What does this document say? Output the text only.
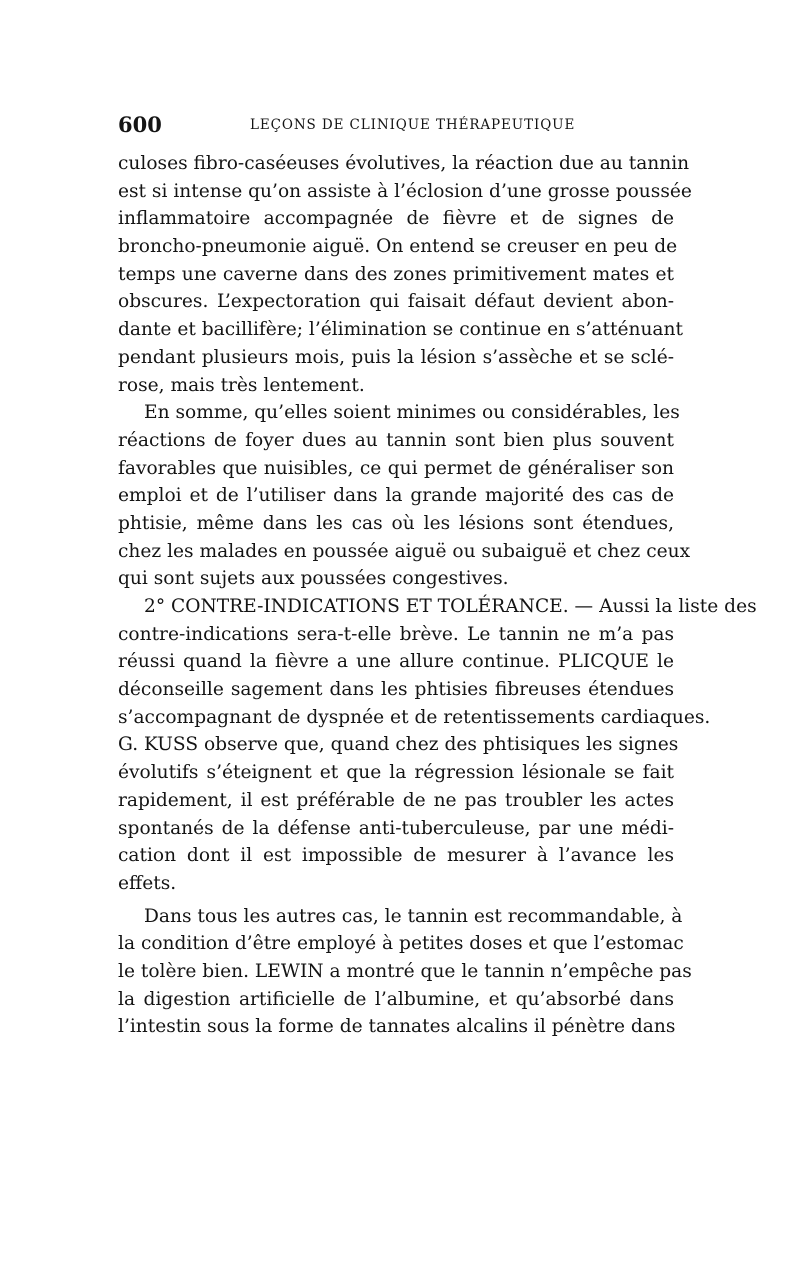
600	LEÇONS DE CLINIQUE THÉRAPEUTIQUE
culoses fibro-caséeuses évolutives, la réaction due au tannin
est si intense qu’on assiste à l’éclosion d’une grosse poussée
inflammatoire accompagnée de fièvre et de signes de
broncho-pneumonie aiguë. On entend se creuser en peu de
temps une caverne dans des zones primitivement mates et
obscures. L’expectoration qui faisait défaut devient abon-
dante et bacillifère; l’élimination se continue en s’atténuant
pendant plusieurs mois, puis la lésion s’assèche et se sclé-
rose, mais très lentement.
En somme, qu’elles soient minimes ou considérables, les
réactions de foyer dues au tannin sont bien plus souvent
favorables que nuisibles, ce qui permet de généraliser son
emploi et de l’utiliser dans la grande majorité des cas de
phtisie, même dans les cas où les lésions sont étendues,
chez les malades en poussée aiguë ou subaiguë et chez ceux
qui sont sujets aux poussées congestives.
2° CONTRE-INDICATIONS ET TOLÉRANCE. — Aussi la liste des
contre-indications sera-t-elle brève. Le tannin ne m’a pas
réussi quand la fièvre a une allure continue. PLICQUE le
déconseille sagement dans les phtisies fibreuses étendues
s’accompagnant de dyspnée et de retentissements cardiaques.
G. KUSS observe que, quand chez des phtisiques les signes
évolutifs s’éteignent et que la régression lésionale se fait
rapidement, il est préférable de ne pas troubler les actes
spontanés de la défense anti-tuberculeuse, par une médi-
cation dont il est impossible de mesurer à l’avance les
effets.
Dans tous les autres cas, le tannin est recommandable, à
la condition d’être employé à petites doses et que l’estomac
le tolère bien. LEWIN a montré que le tannin n’empêche pas
la digestion artificielle de l’albumine, et qu’absorbé dans
l’intestin sous la forme de tannates alcalins il pénètre dans
